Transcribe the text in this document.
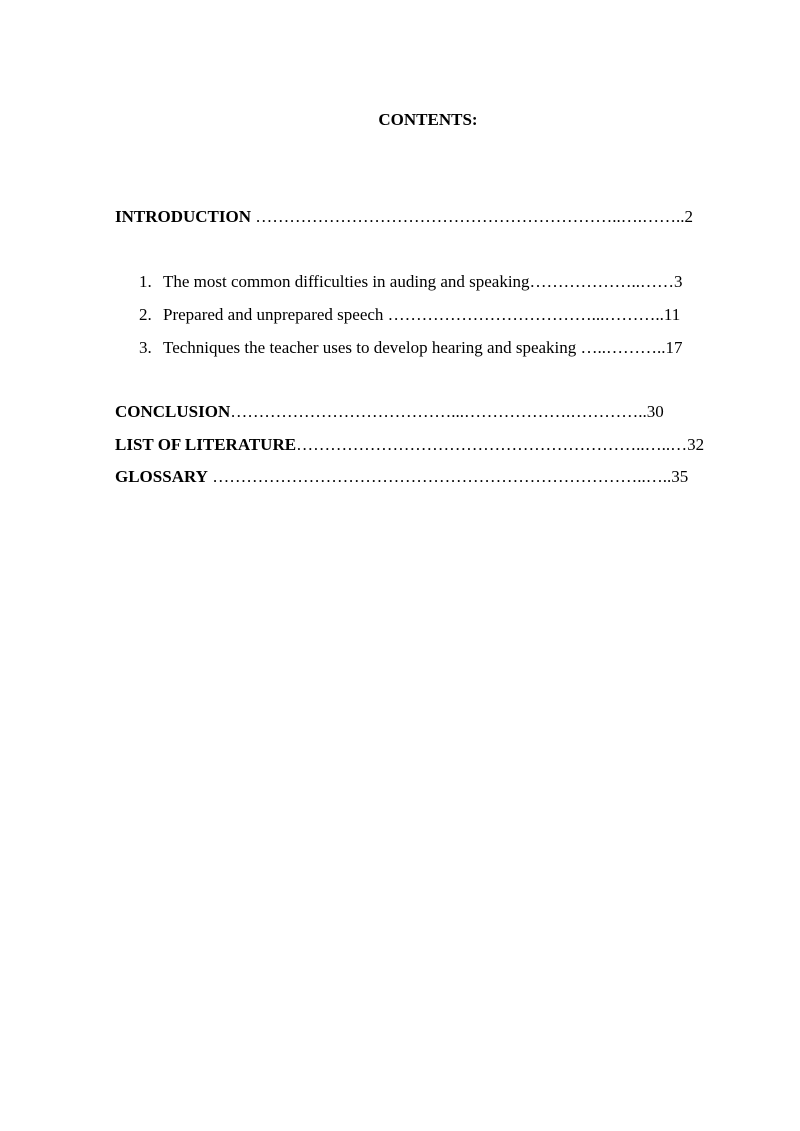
CONTENTS:

INTRODUCTION ………………………………………………………..….……..2

1. The most common difficulties in auding and speaking………………..……3

2. Prepared and unprepared speech ………………………………...………..11

3. Techniques the teacher uses to develop hearing and speaking …..………..17

CONCLUSION…………………………………...……………….…………..30

LIST OF LITERATURE……………………………………………………..…..…32

GLOSSARY …………………………………………………………………..…..35
